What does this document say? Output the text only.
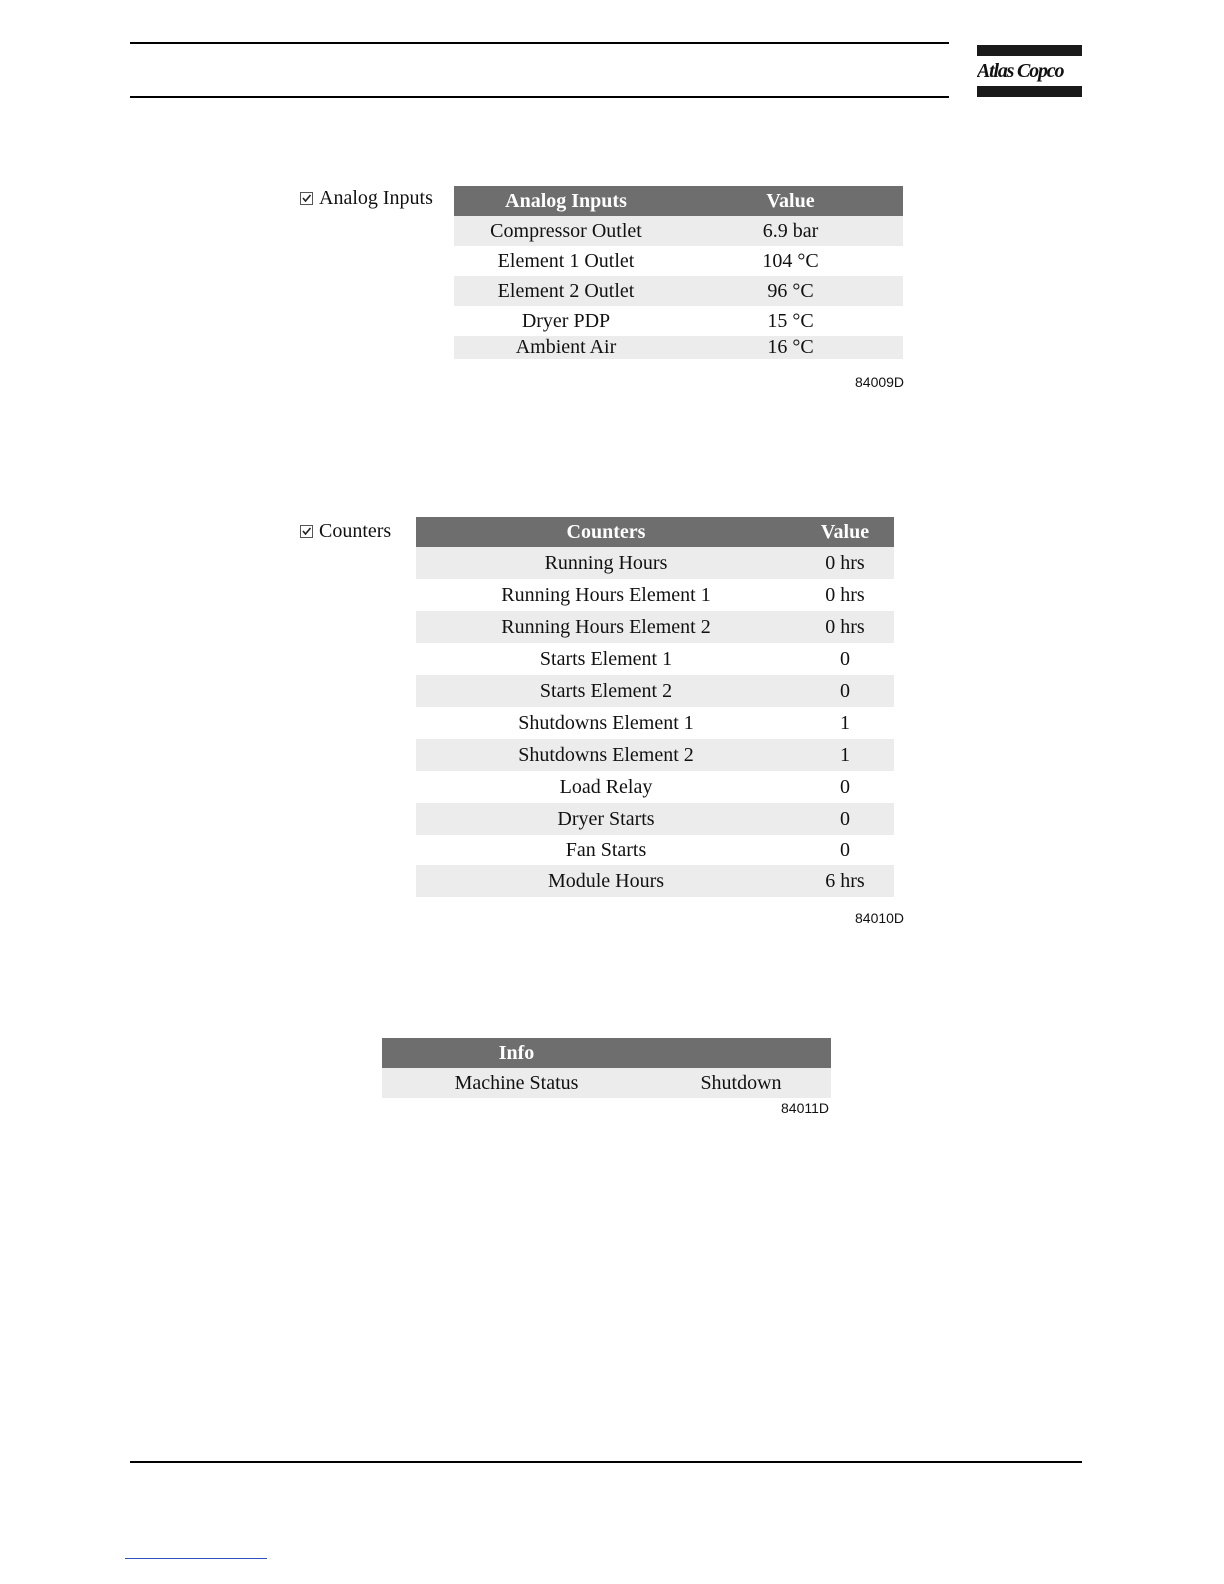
Atlas Copco
Analog Inputs	Analog Inputs	Value
Compressor Outlet	6.9 bar
Element 1 Outlet	104 °C
Element 2 Outlet	96 °C
Dryer PDP	15 °C
Ambient Air	16 °C
84009D
Counters	Counters	Value
Running Hours	0 hrs
Running Hours Element 1	0 hrs
Running Hours Element 2	0 hrs
Starts Element 1	0
Starts Element 2	0
Shutdowns Element 1	1
Shutdowns Element 2	1
Load Relay	0
Dryer Starts	0
Fan Starts	0
Module Hours	6 hrs
84010D
Info	
Machine Status	Shutdown
84011D
